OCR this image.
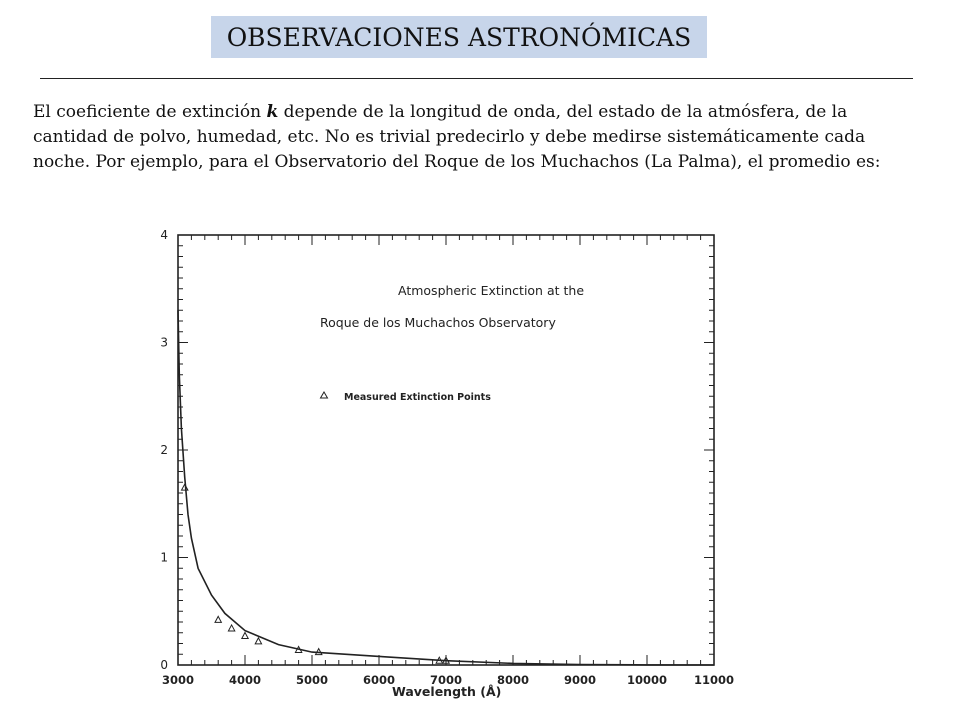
OBSERVACIONES ASTRONÓMICAS
El coeficiente de extinción k depende de la longitud de onda, del estado de la atmósfera, de la cantidad de polvo, humedad, etc. No es trivial predecirlo y debe medirse sistemáticamente cada noche. Por ejemplo, para el Observatorio del Roque de los Muchachos (La Palma), el promedio es:
0
1
2
3
4
3000	4000	5000	6000	7000	8000	9000	10000 11000
Atmospheric Extinction at the
Roque de los Muchachos Observatory
Measured Extinction Points
Wavelength (Å)
